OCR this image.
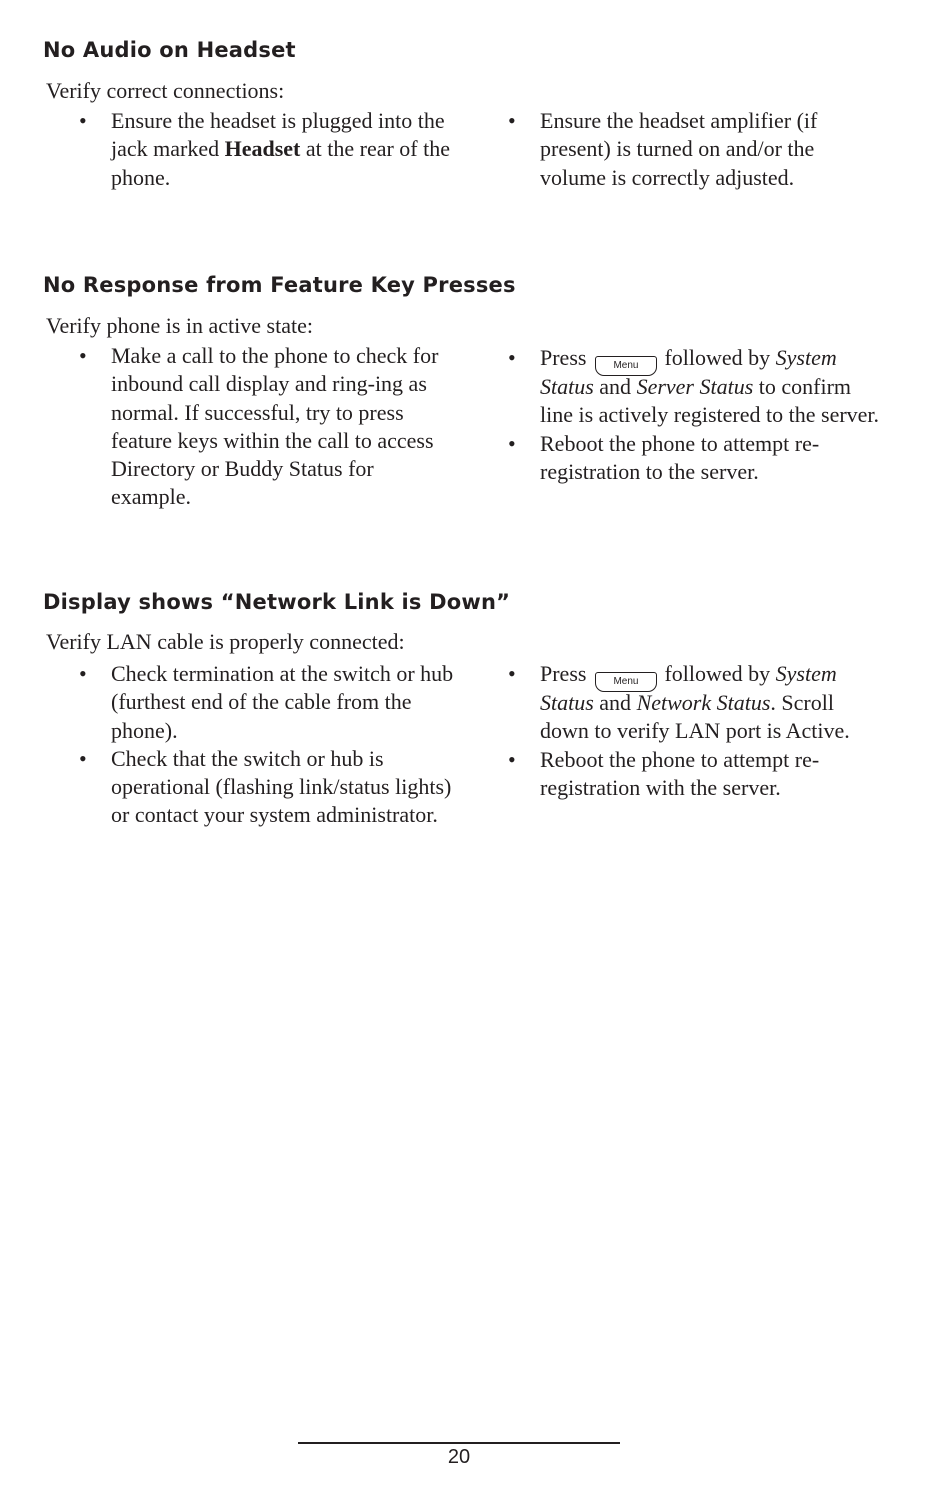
No Audio on Headset

Verify correct connections:

• Ensure the headset is plugged into the jack marked Headset at the rear of the phone.
• Ensure the headset amplifier (if present) is turned on and/or the volume is correctly adjusted.
No Response from Feature Key Presses

Verify phone is in active state:

• Make a call to the phone to check for inbound call display and ring-ing as normal. If successful, try to press feature keys within the call to access Directory or Buddy Status for example.
• Press Menu followed by System Status and Server Status to confirm line is actively registered to the server.
• Reboot the phone to attempt re-registration to the server.
Display shows “Network Link is Down”

Verify LAN cable is properly connected:

• Check termination at the switch or hub (furthest end of the cable from the phone).
• Check that the switch or hub is operational (flashing link/status lights) or contact your system administrator.
• Press Menu followed by System Status and Network Status. Scroll down to verify LAN port is Active.
• Reboot the phone to attempt re-registration with the server.
20
